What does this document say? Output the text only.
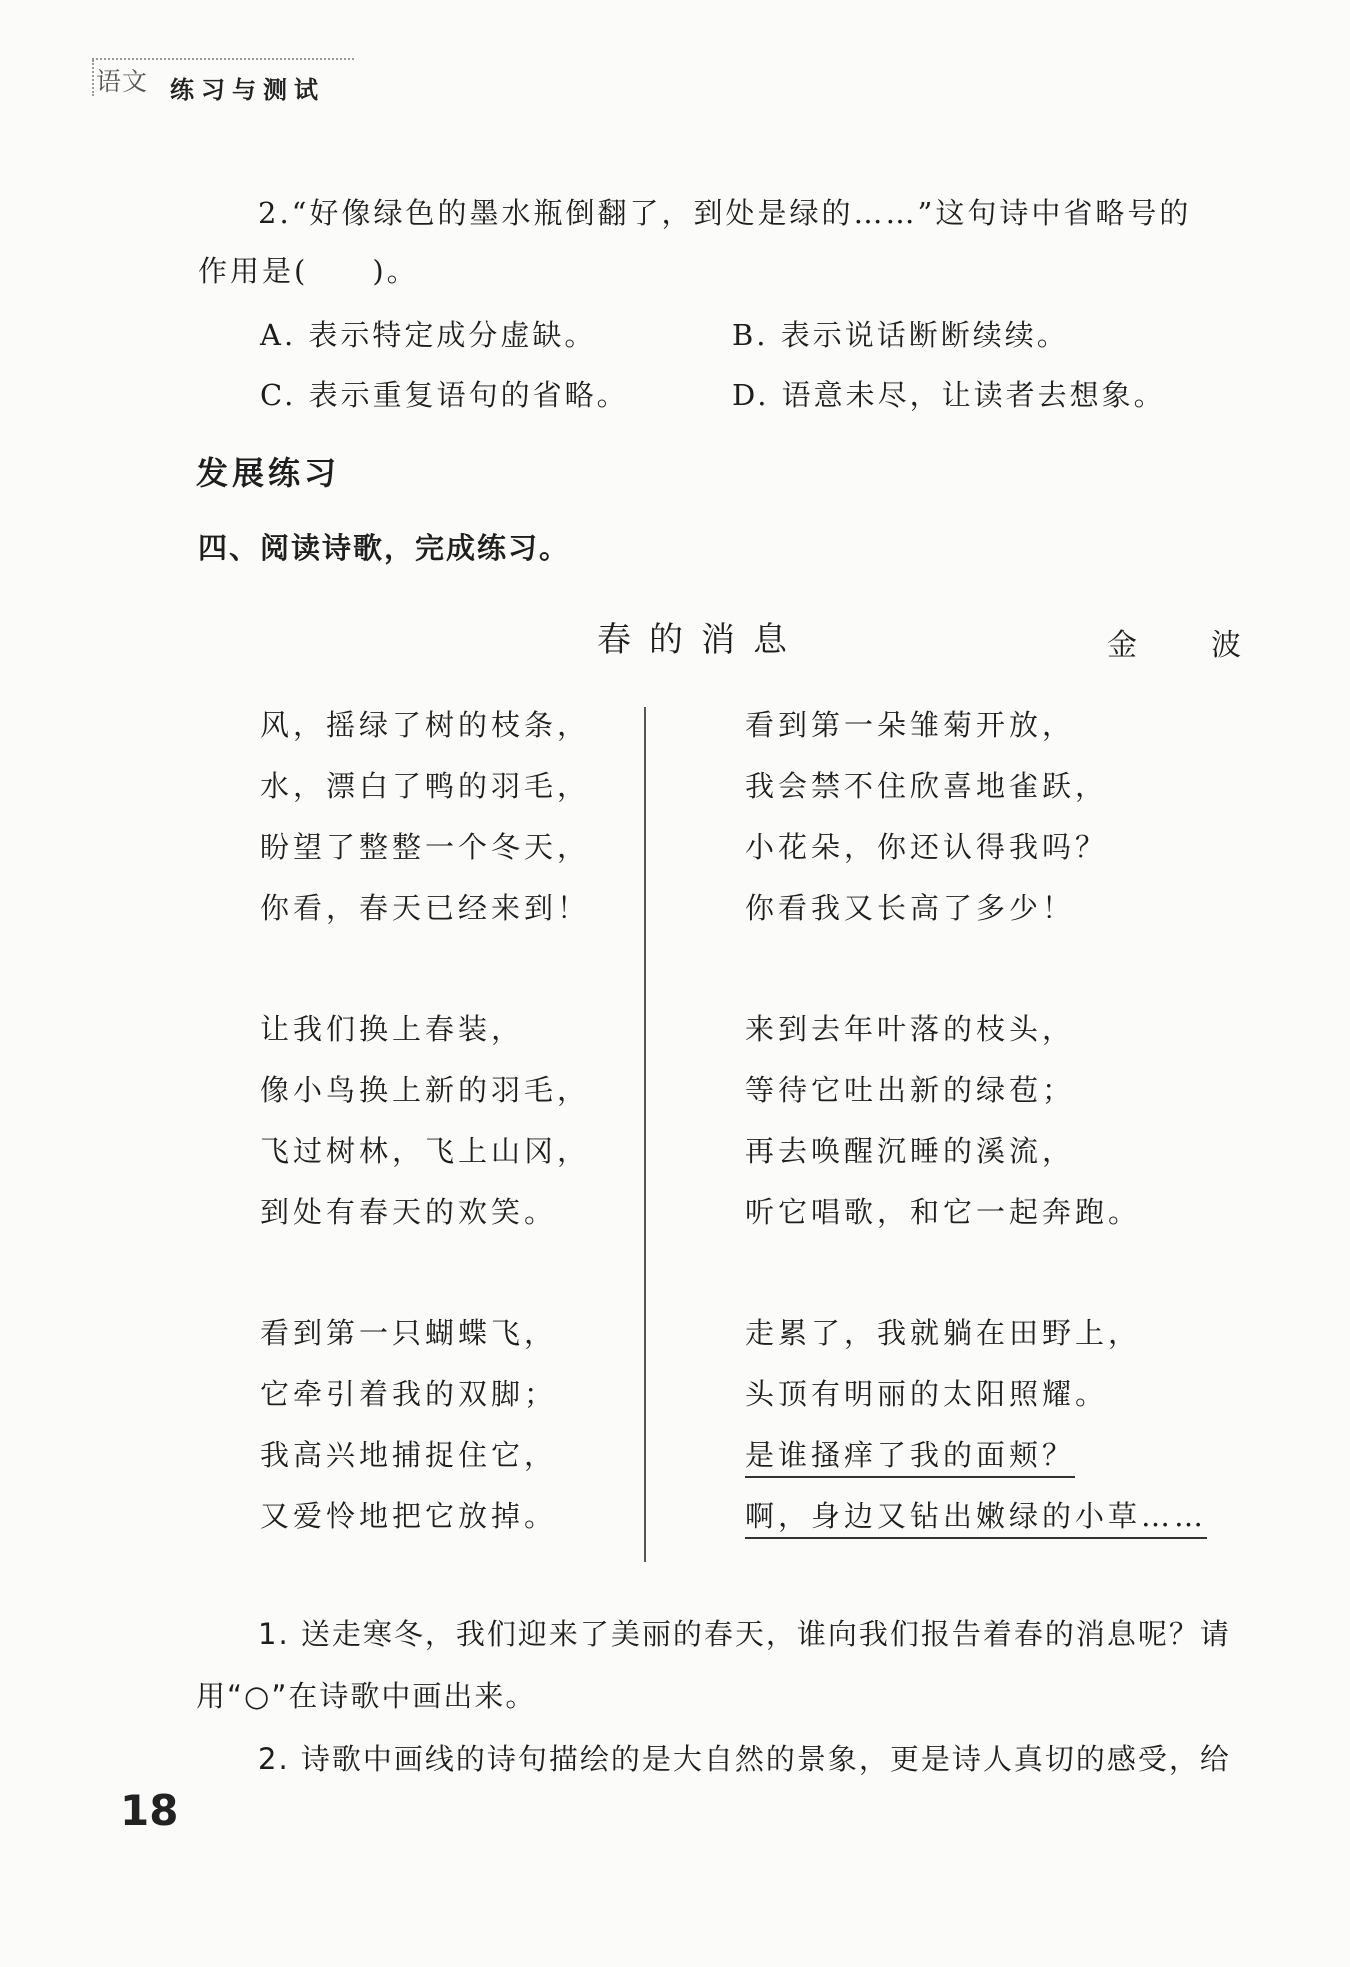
语文 练习与测试
2.“好像绿色的墨水瓶倒翻了，到处是绿的……”这句诗中省略号的
作用是(　　)。
A. 表示特定成分虚缺。	B. 表示说话断断续续。
C. 表示重复语句的省略。	D. 语意未尽，让读者去想象。
发展练习
四、阅读诗歌，完成练习。
春的消息	金　波
风，摇绿了树的枝条，
水，漂白了鸭的羽毛，
盼望了整整一个冬天，
你看，春天已经来到！
让我们换上春装，
像小鸟换上新的羽毛，
飞过树林，飞上山冈，
到处有春天的欢笑。
看到第一只蝴蝶飞，
它牵引着我的双脚；
我高兴地捕捉住它，
又爱怜地把它放掉。
看到第一朵雏菊开放，
我会禁不住欣喜地雀跃，
小花朵，你还认得我吗？
你看我又长高了多少！
来到去年叶落的枝头，
等待它吐出新的绿苞；
再去唤醒沉睡的溪流，
听它唱歌，和它一起奔跑。
走累了，我就躺在田野上，
头顶有明丽的太阳照耀。
是谁搔痒了我的面颊？
啊，身边又钻出嫩绿的小草……
1. 送走寒冬，我们迎来了美丽的春天，谁向我们报告着春的消息呢？请
用“○”在诗歌中画出来。
2. 诗歌中画线的诗句描绘的是大自然的景象，更是诗人真切的感受，给
18
